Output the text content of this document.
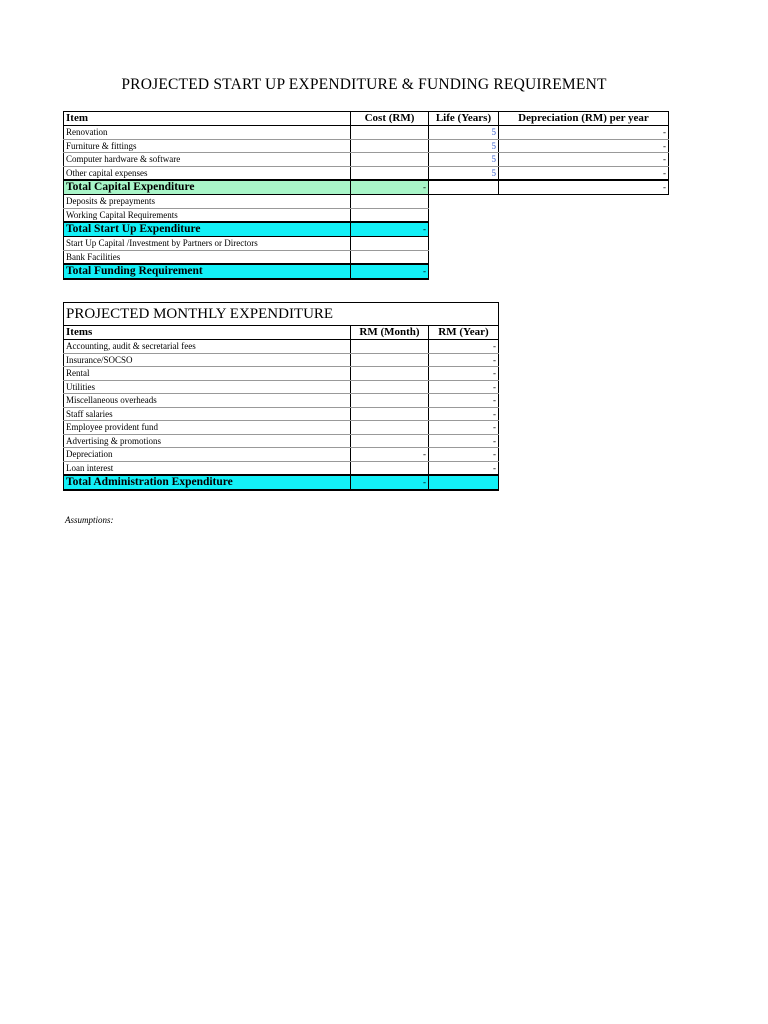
PROJECTED START UP EXPENDITURE & FUNDING REQUIREMENT
Item	Cost (RM)	Life (Years)	Depreciation (RM) per year
Renovation		5	-
Furniture & fittings		5	-
Computer hardware & software		5	-
Other capital expenses		5	-
Total Capital Expenditure	-		-
Deposits & prepayments			
Working Capital Requirements			
Total Start Up Expenditure	-		
Start Up Capital /Investment by Partners or Directors			
Bank Facilities			
Total Funding Requirement	-		
PROJECTED MONTHLY EXPENDITURE		
Items	RM (Month)	RM (Year)
Accounting, audit & secretarial fees		-
Insurance/SOCSO		-
Rental		-
Utilities		-
Miscellaneous overheads		-
Staff salaries		-
Employee provident fund		-
Advertising & promotions		-
Depreciation	-	-
Loan interest		-
Total Administration Expenditure	-	
Assumptions:
